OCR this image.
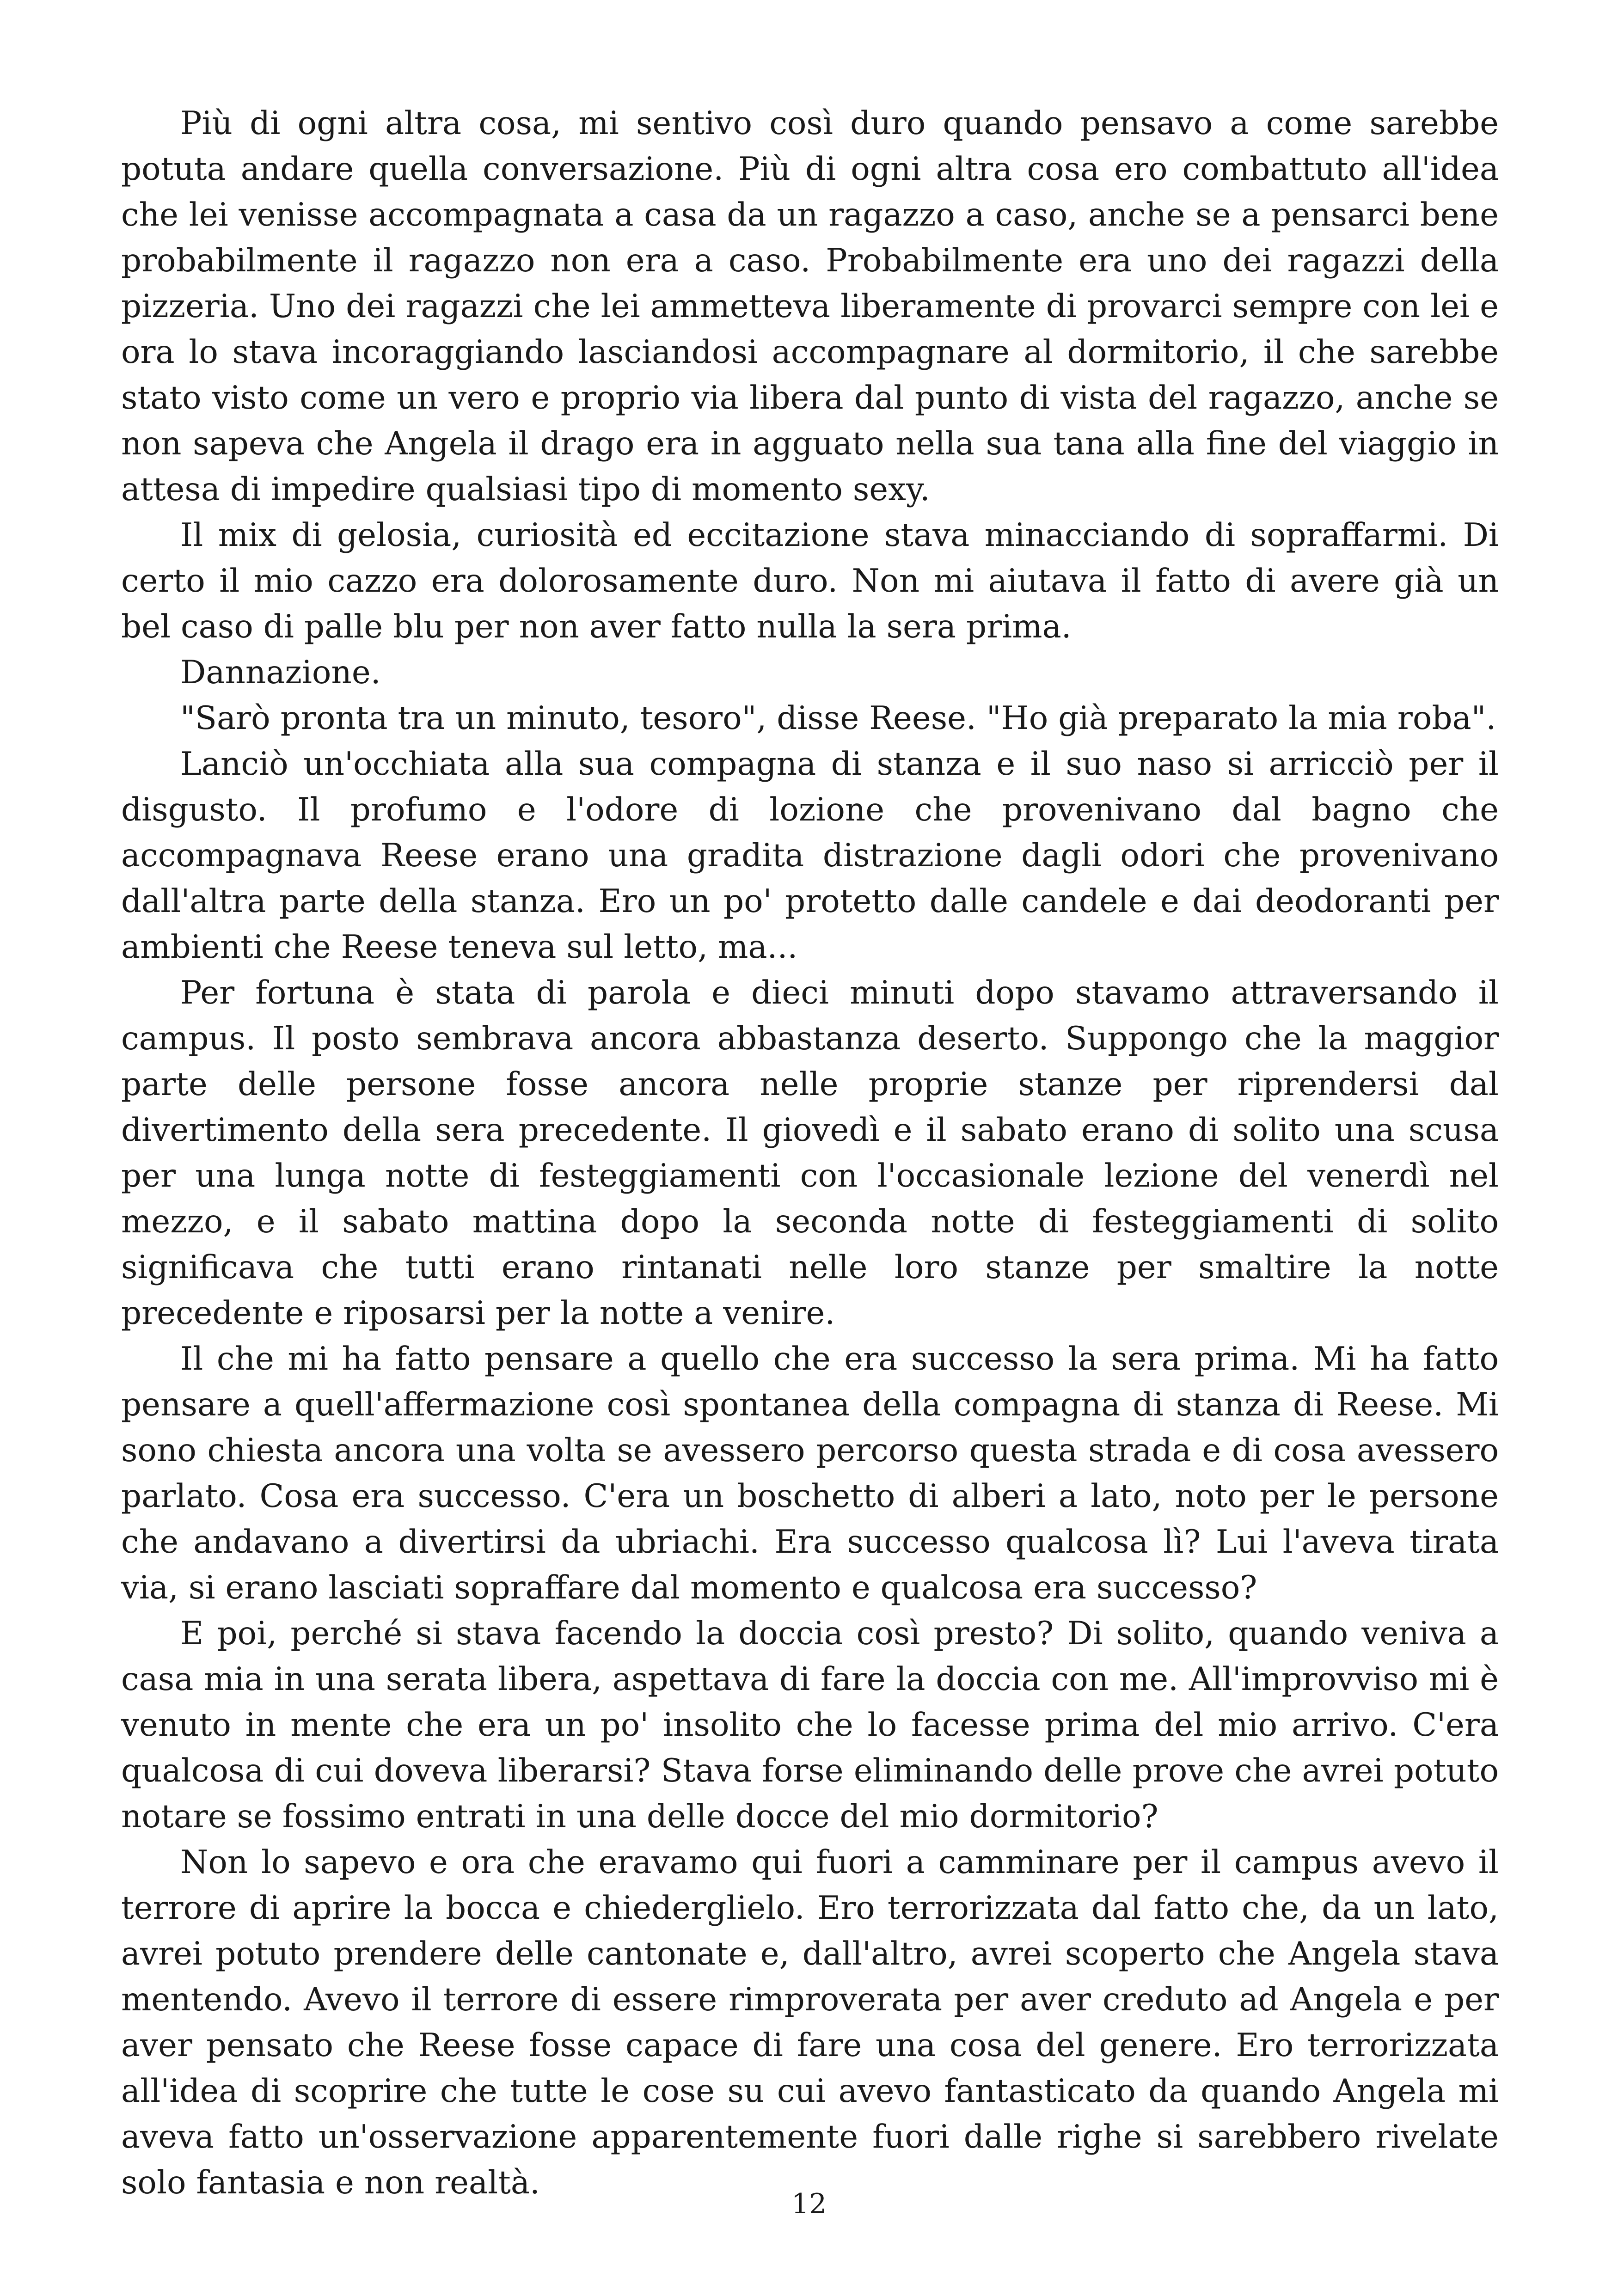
Più di ogni altra cosa, mi sentivo così duro quando pensavo a come sarebbe potuta andare quella conversazione. Più di ogni altra cosa ero combattuto all'idea che lei venisse accompagnata a casa da un ragazzo a caso, anche se a pensarci bene probabilmente il ragazzo non era a caso. Probabilmente era uno dei ragazzi della pizzeria. Uno dei ragazzi che lei ammetteva liberamente di provarci sempre con lei e ora lo stava incoraggiando lasciandosi accompagnare al dormitorio, il che sarebbe stato visto come un vero e proprio via libera dal punto di vista del ragazzo, anche se non sapeva che Angela il drago era in agguato nella sua tana alla fine del viaggio in attesa di impedire qualsiasi tipo di momento sexy.

Il mix di gelosia, curiosità ed eccitazione stava minacciando di sopraffarmi. Di certo il mio cazzo era dolorosamente duro. Non mi aiutava il fatto di avere già un bel caso di palle blu per non aver fatto nulla la sera prima.

Dannazione.

"Sarò pronta tra un minuto, tesoro", disse Reese. "Ho già preparato la mia roba".

Lanciò un'occhiata alla sua compagna di stanza e il suo naso si arricciò per il disgusto. Il profumo e l'odore di lozione che provenivano dal bagno che accompagnava Reese erano una gradita distrazione dagli odori che provenivano dall'altra parte della stanza. Ero un po' protetto dalle candele e dai deodoranti per ambienti che Reese teneva sul letto, ma...

Per fortuna è stata di parola e dieci minuti dopo stavamo attraversando il campus. Il posto sembrava ancora abbastanza deserto. Suppongo che la maggior parte delle persone fosse ancora nelle proprie stanze per riprendersi dal divertimento della sera precedente. Il giovedì e il sabato erano di solito una scusa per una lunga notte di festeggiamenti con l'occasionale lezione del venerdì nel mezzo, e il sabato mattina dopo la seconda notte di festeggiamenti di solito significava che tutti erano rintanati nelle loro stanze per smaltire la notte precedente e riposarsi per la notte a venire.

Il che mi ha fatto pensare a quello che era successo la sera prima. Mi ha fatto pensare a quell'affermazione così spontanea della compagna di stanza di Reese. Mi sono chiesta ancora una volta se avessero percorso questa strada e di cosa avessero parlato. Cosa era successo. C'era un boschetto di alberi a lato, noto per le persone che andavano a divertirsi da ubriachi. Era successo qualcosa lì? Lui l'aveva tirata via, si erano lasciati sopraffare dal momento e qualcosa era successo?

E poi, perché si stava facendo la doccia così presto? Di solito, quando veniva a casa mia in una serata libera, aspettava di fare la doccia con me. All'improvviso mi è venuto in mente che era un po' insolito che lo facesse prima del mio arrivo. C'era qualcosa di cui doveva liberarsi? Stava forse eliminando delle prove che avrei potuto notare se fossimo entrati in una delle docce del mio dormitorio?

Non lo sapevo e ora che eravamo qui fuori a camminare per il campus avevo il terrore di aprire la bocca e chiederglielo. Ero terrorizzata dal fatto che, da un lato, avrei potuto prendere delle cantonate e, dall'altro, avrei scoperto che Angela stava mentendo. Avevo il terrore di essere rimproverata per aver creduto ad Angela e per aver pensato che Reese fosse capace di fare una cosa del genere. Ero terrorizzata all'idea di scoprire che tutte le cose su cui avevo fantasticato da quando Angela mi aveva fatto un'osservazione apparentemente fuori dalle righe si sarebbero rivelate solo fantasia e non realtà.

12
